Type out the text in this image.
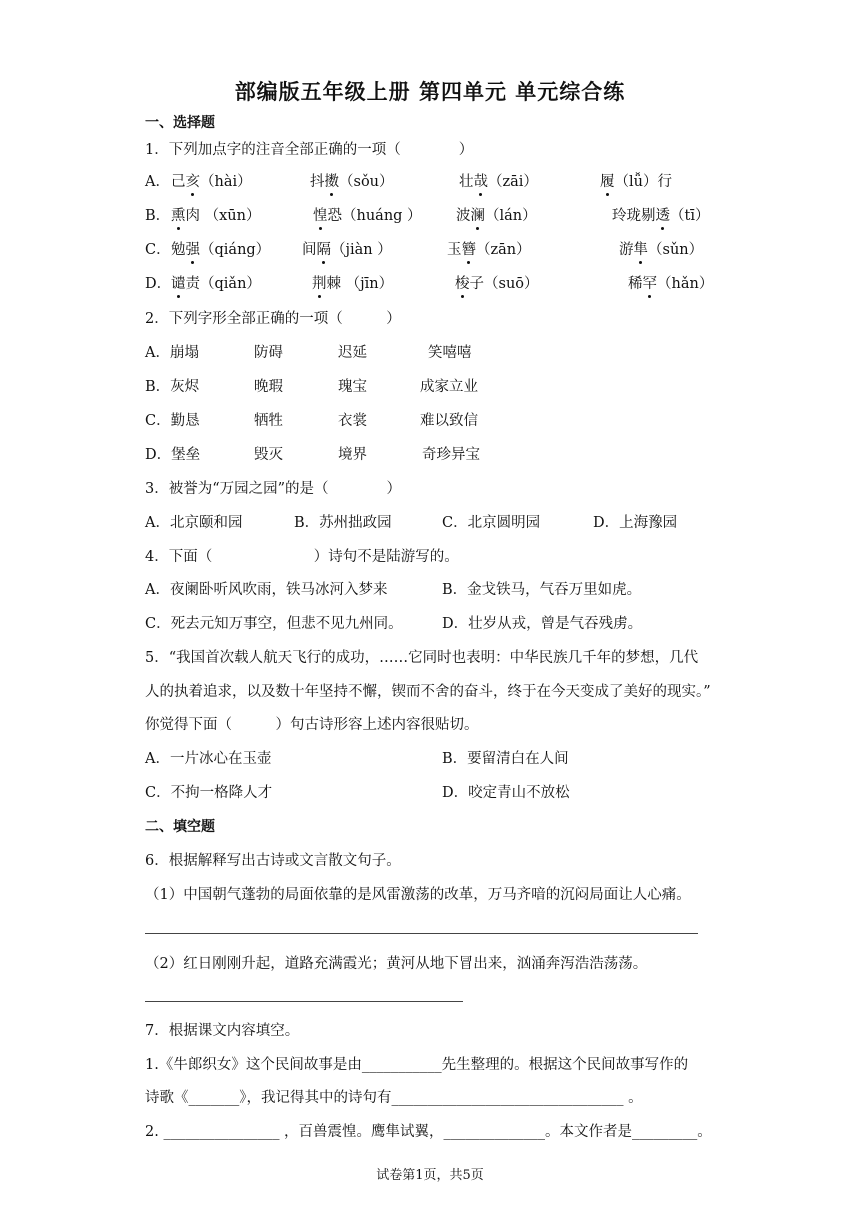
部编版五年级上册 第四单元 单元综合练
一、选择题
1．下列加点字的注音全部正确的一项（　　　　）
A． 己亥（hài）	抖擞（sǒu）	壮哉（zāi）	履（lǚ）行
B． 熏肉 （xūn）	惶恐（huáng ） 波澜（lán）	玲珑剔透（tī）
C． 勉强（qiáng） 间隔（jiàn ）	玉簪（zān）	游隼（sǔn）
D． 谴责（qiǎn）	荆棘 （jīn）	梭子（suō）	稀罕（hǎn）
2．下列字形全部正确的一项（　　　）
A．崩塌	防碍	迟延	笑嘻嘻
B．灰烬	晚瑕	瑰宝	成家立业
C．勤恳	牺牲	衣裳	难以致信
D．堡垒	毁灭	境界	奇珍异宝
3．被誉为“万园之园”的是（　　　　）
A．北京颐和园	B．苏州拙政园	C．北京圆明园	D．上海豫园
4．下面（　　　　　　　）诗句不是陆游写的。
A．夜阑卧听风吹雨，铁马冰河入梦来	B．金戈铁马，气吞万里如虎。
C．死去元知万事空，但悲不见九州同。	D．壮岁从戎，曾是气吞残虏。
5．“我国首次载人航天飞行的成功，……它同时也表明：中华民族几千年的梦想，几代
人的执着追求，以及数十年坚持不懈，锲而不舍的奋斗，终于在今天变成了美好的现实。”
你觉得下面（　　　）句古诗形容上述内容很贴切。
A．一片冰心在玉壶	B．要留清白在人间
C．不拘一格降人才	D．咬定青山不放松
二、填空题
6．根据解释写出古诗或文言散文句子。
（1）中国朝气蓬勃的局面依靠的是风雷激荡的改革，万马齐喑的沉闷局面让人心痛。
（2）红日刚刚升起，道路充满霞光；黄河从地下冒出来，汹涌奔泻浩浩荡荡。
7．根据课文内容填空。
1.《牛郎织女》这个民间故事是由___________先生整理的。根据这个民间故事写作的
诗歌《_______》，我记得其中的诗句有________________________________ 。
2. ________________ ，百兽震惶。鹰隼试翼，______________。本文作者是_________。
试卷第1页，共5页
